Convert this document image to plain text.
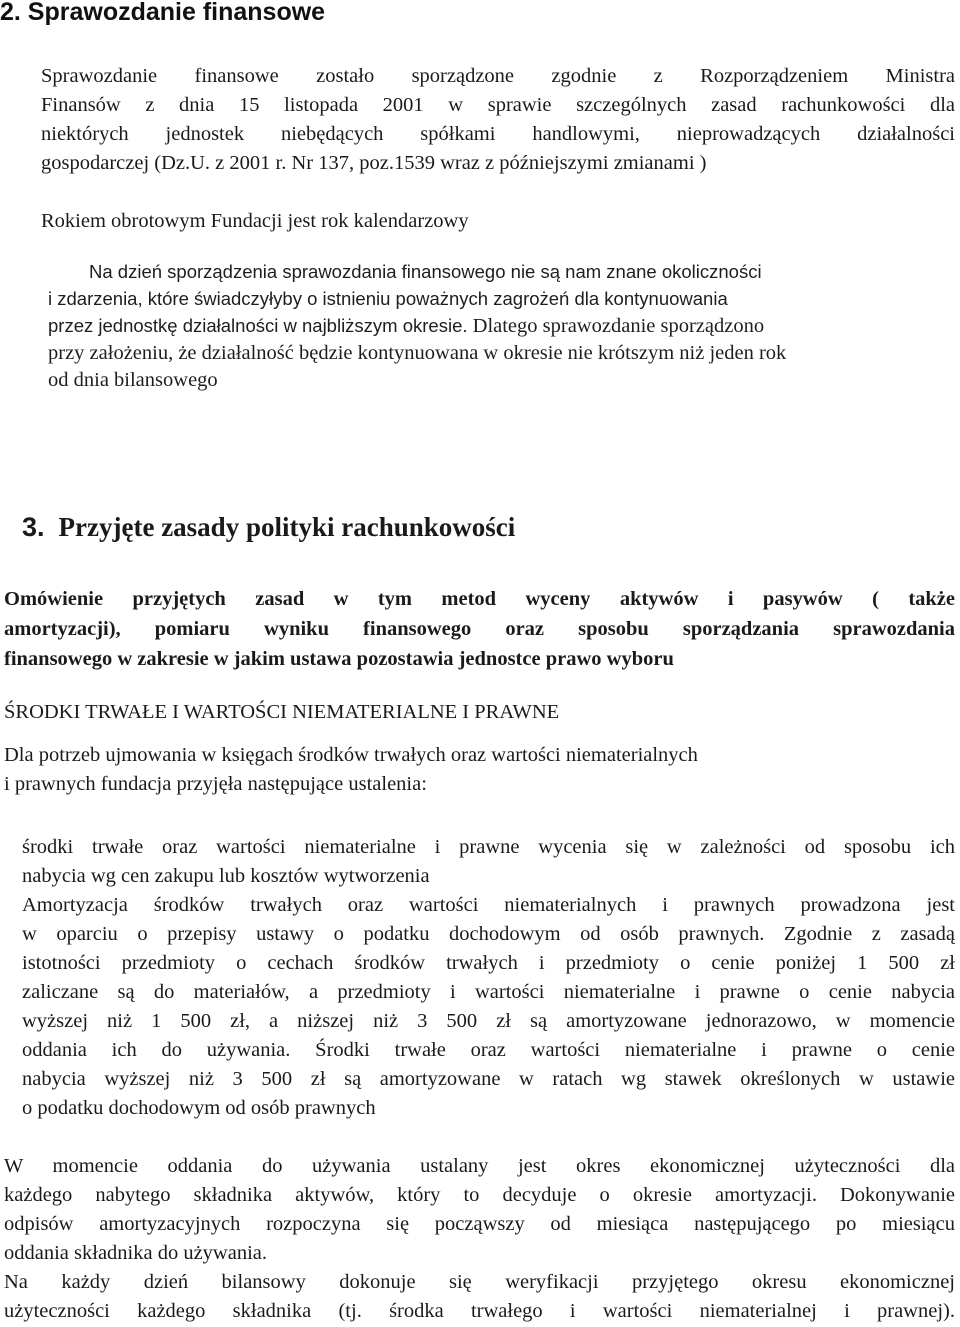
2. Sprawozdanie finansowe
Sprawozdanie finansowe zostało sporządzone zgodnie z Rozporządzeniem Ministra
Finansów z dnia 15 listopada 2001 w sprawie szczególnych zasad rachunkowości dla
niektórych jednostek niebędących spółkami handlowymi, nieprowadzących działalności
gospodarczej (Dz.U. z 2001 r. Nr 137, poz.1539 wraz z późniejszymi zmianami )

Rokiem obrotowym Fundacji jest rok kalendarzowy

Na dzień sporządzenia sprawozdania finansowego nie są nam znane okoliczności
i zdarzenia, które świadczyłyby o istnieniu poważnych zagrożeń dla kontynuowania
przez jednostkę działalności w najbliższym okresie. Dlatego sprawozdanie sporządzono
przy założeniu, że działalność będzie kontynuowana w okresie nie krótszym niż jeden rok
od dnia bilansowego
3. Przyjęte zasady polityki rachunkowości
Omówienie przyjętych zasad w tym metod wyceny aktywów i pasywów ( także
amortyzacji), pomiaru wyniku finansowego oraz sposobu sporządzania sprawozdania
finansowego w zakresie w jakim ustawa pozostawia jednostce prawo wyboru

ŚRODKI TRWAŁE I WARTOŚCI NIEMATERIALNE I PRAWNE

Dla potrzeb ujmowania w księgach środków trwałych oraz wartości niematerialnych
i prawnych fundacja przyjęła następujące ustalenia:
środki trwałe oraz wartości niematerialne i prawne wycenia się w zależności od sposobu ich
nabycia wg cen zakupu lub kosztów wytworzenia
Amortyzacja środków trwałych oraz wartości niematerialnych i prawnych prowadzona jest
w oparciu o przepisy ustawy o podatku dochodowym od osób prawnych. Zgodnie z zasadą
istotności przedmioty o cechach środków trwałych i przedmioty o cenie poniżej 1 500 zł
zaliczane są do materiałów, a przedmioty i wartości niematerialne i prawne o cenie nabycia
wyższej niż 1 500 zł, a niższej niż 3 500 zł są amortyzowane jednorazowo, w momencie
oddania ich do używania. Środki trwałe oraz wartości niematerialne i prawne o cenie
nabycia wyższej niż 3 500 zł są amortyzowane w ratach wg stawek określonych w ustawie
o podatku dochodowym od osób prawnych
W momencie oddania do używania ustalany jest okres ekonomicznej użyteczności dla
każdego nabytego składnika aktywów, który to decyduje o okresie amortyzacji. Dokonywanie
odpisów amortyzacyjnych rozpoczyna się począwszy od miesiąca następującego po miesiącu
oddania składnika do używania.
Na każdy dzień bilansowy dokonuje się weryfikacji przyjętego okresu ekonomicznej
użyteczności każdego składnika (tj. środka trwałego i wartości niematerialnej i prawnej).
